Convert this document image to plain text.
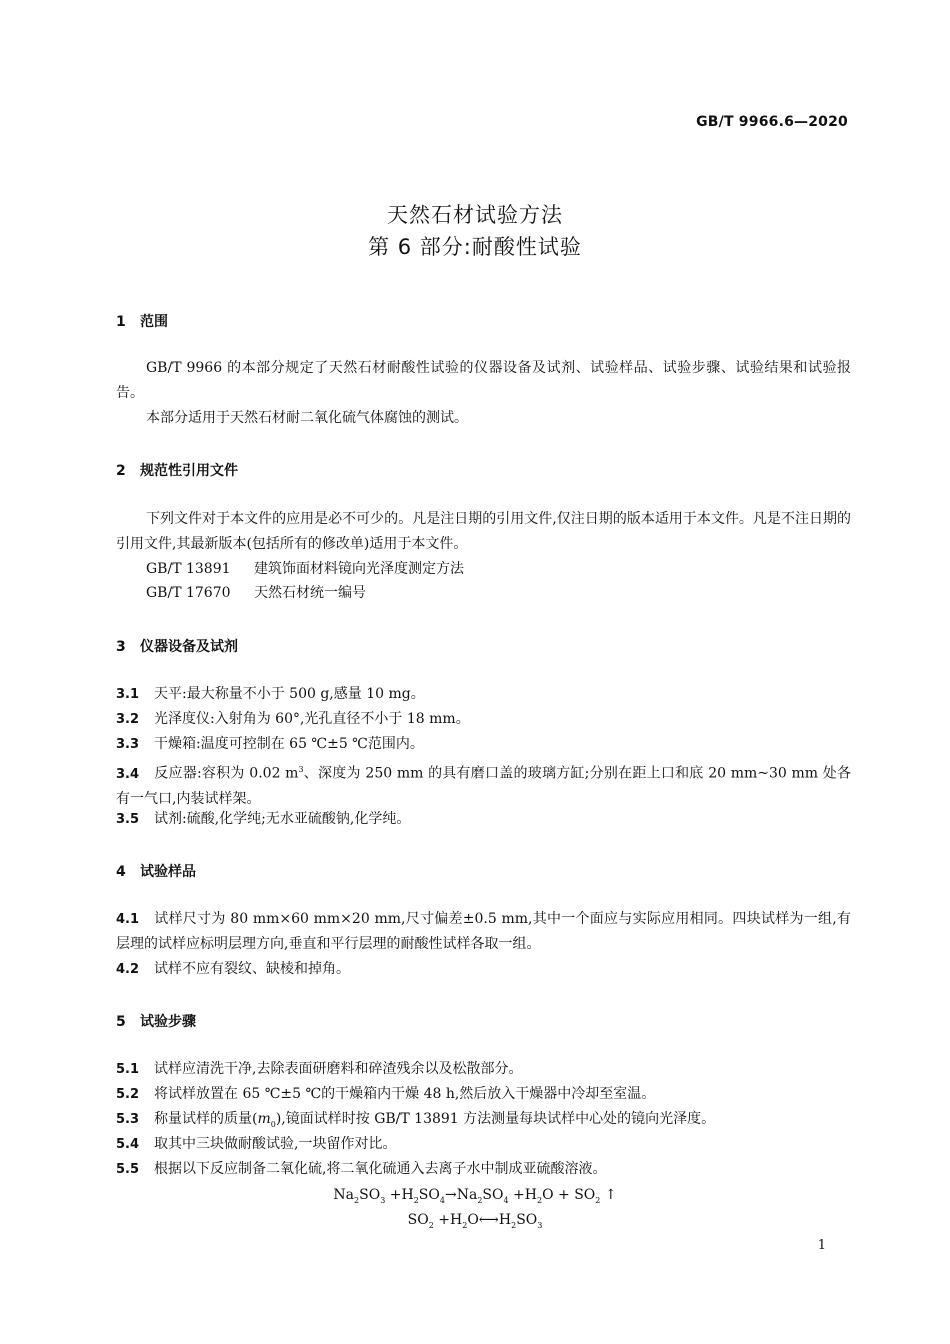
GB/T 9966.6—2020
天然石材试验方法
第 6 部分:耐酸性试验
1 范围
GB/T 9966 的本部分规定了天然石材耐酸性试验的仪器设备及试剂、试验样品、试验步骤、试验结果和试验报告。
本部分适用于天然石材耐二氧化硫气体腐蚀的测试。
2 规范性引用文件
下列文件对于本文件的应用是必不可少的。凡是注日期的引用文件,仅注日期的版本适用于本文件。凡是不注日期的引用文件,其最新版本(包括所有的修改单)适用于本文件。
GB/T 13891 建筑饰面材料镜向光泽度测定方法
GB/T 17670 天然石材统一编号
3 仪器设备及试剂
3.1 天平:最大称量不小于 500 g,感量 10 mg。
3.2 光泽度仪:入射角为 60°,光孔直径不小于 18 mm。
3.3 干燥箱:温度可控制在 65 ℃±5 ℃范围内。
3.4 反应器:容积为 0.02 $m^3$、深度为 250 mm 的具有磨口盖的玻璃方缸;分别在距上口和底 20 mm~30 mm 处各有一气口,内装试样架。
3.5 试剂:硫酸,化学纯;无水亚硫酸钠,化学纯。
4 试验样品
4.1 试样尺寸为 80 mm×60 mm×20 mm,尺寸偏差±0.5 mm,其中一个面应与实际应用相同。四块试样为一组,有层理的试样应标明层理方向,垂直和平行层理的耐酸性试样各取一组。
4.2 试样不应有裂纹、缺棱和掉角。
5 试验步骤
5.1 试样应清洗干净,去除表面研磨料和碎渣残余以及松散部分。
5.2 将试样放置在 65 ℃±5 ℃的干燥箱内干燥 48 h,然后放入干燥器中冷却至室温。
5.3 称量试样的质量$(m_0)$,镜面试样时按 GB/T 13891 方法测量每块试样中心处的镜向光泽度。
5.4 取其中三块做耐酸试验,一块留作对比。
5.5 根据以下反应制备二氧化硫,将二氧化硫通入去离子水中制成亚硫酸溶液。
$Na_2SO_3 +H_2SO_4\to Na_2SO_4 +H_2O + SO_2$ ↑
$SO_2$ $+H_2O⟷H_2SO_3$
1
